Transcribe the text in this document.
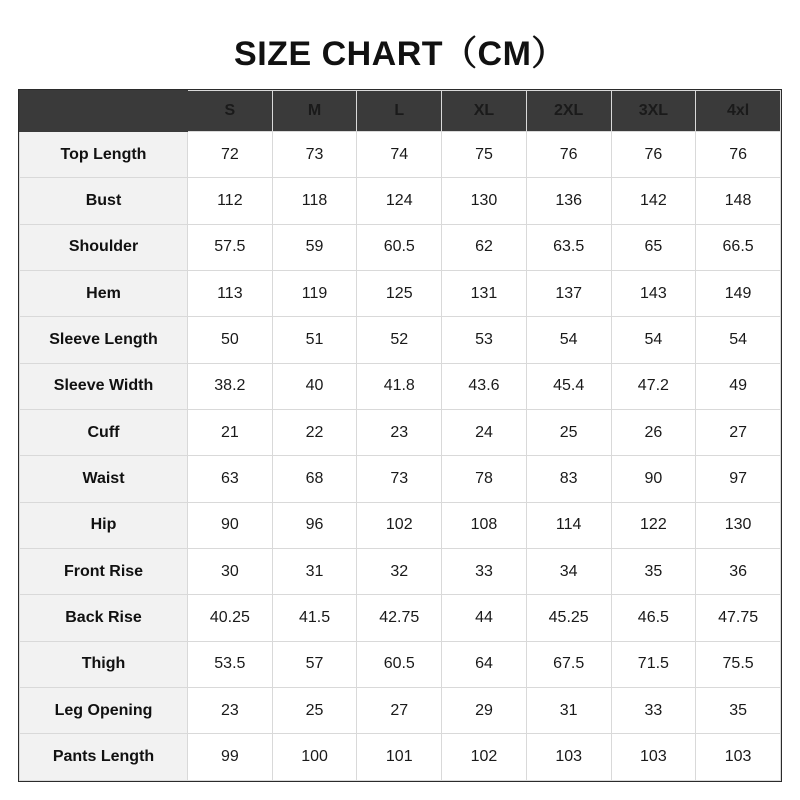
SIZE CHART（CM）
	S	M	L	XL	2XL	3XL	4xl
Top Length	72	73	74	75	76	76	76
Bust	112	118	124	130	136	142	148
Shoulder	57.5	59	60.5	62	63.5	65	66.5
Hem	113	119	125	131	137	143	149
Sleeve Length	50	51	52	53	54	54	54
Sleeve Width	38.2	40	41.8	43.6	45.4	47.2	49
Cuff	21	22	23	24	25	26	27
Waist	63	68	73	78	83	90	97
Hip	90	96	102	108	114	122	130
Front Rise	30	31	32	33	34	35	36
Back Rise	40.25	41.5	42.75	44	45.25	46.5	47.75
Thigh	53.5	57	60.5	64	67.5	71.5	75.5
Leg Opening	23	25	27	29	31	33	35
Pants Length	99	100	101	102	103	103	103
